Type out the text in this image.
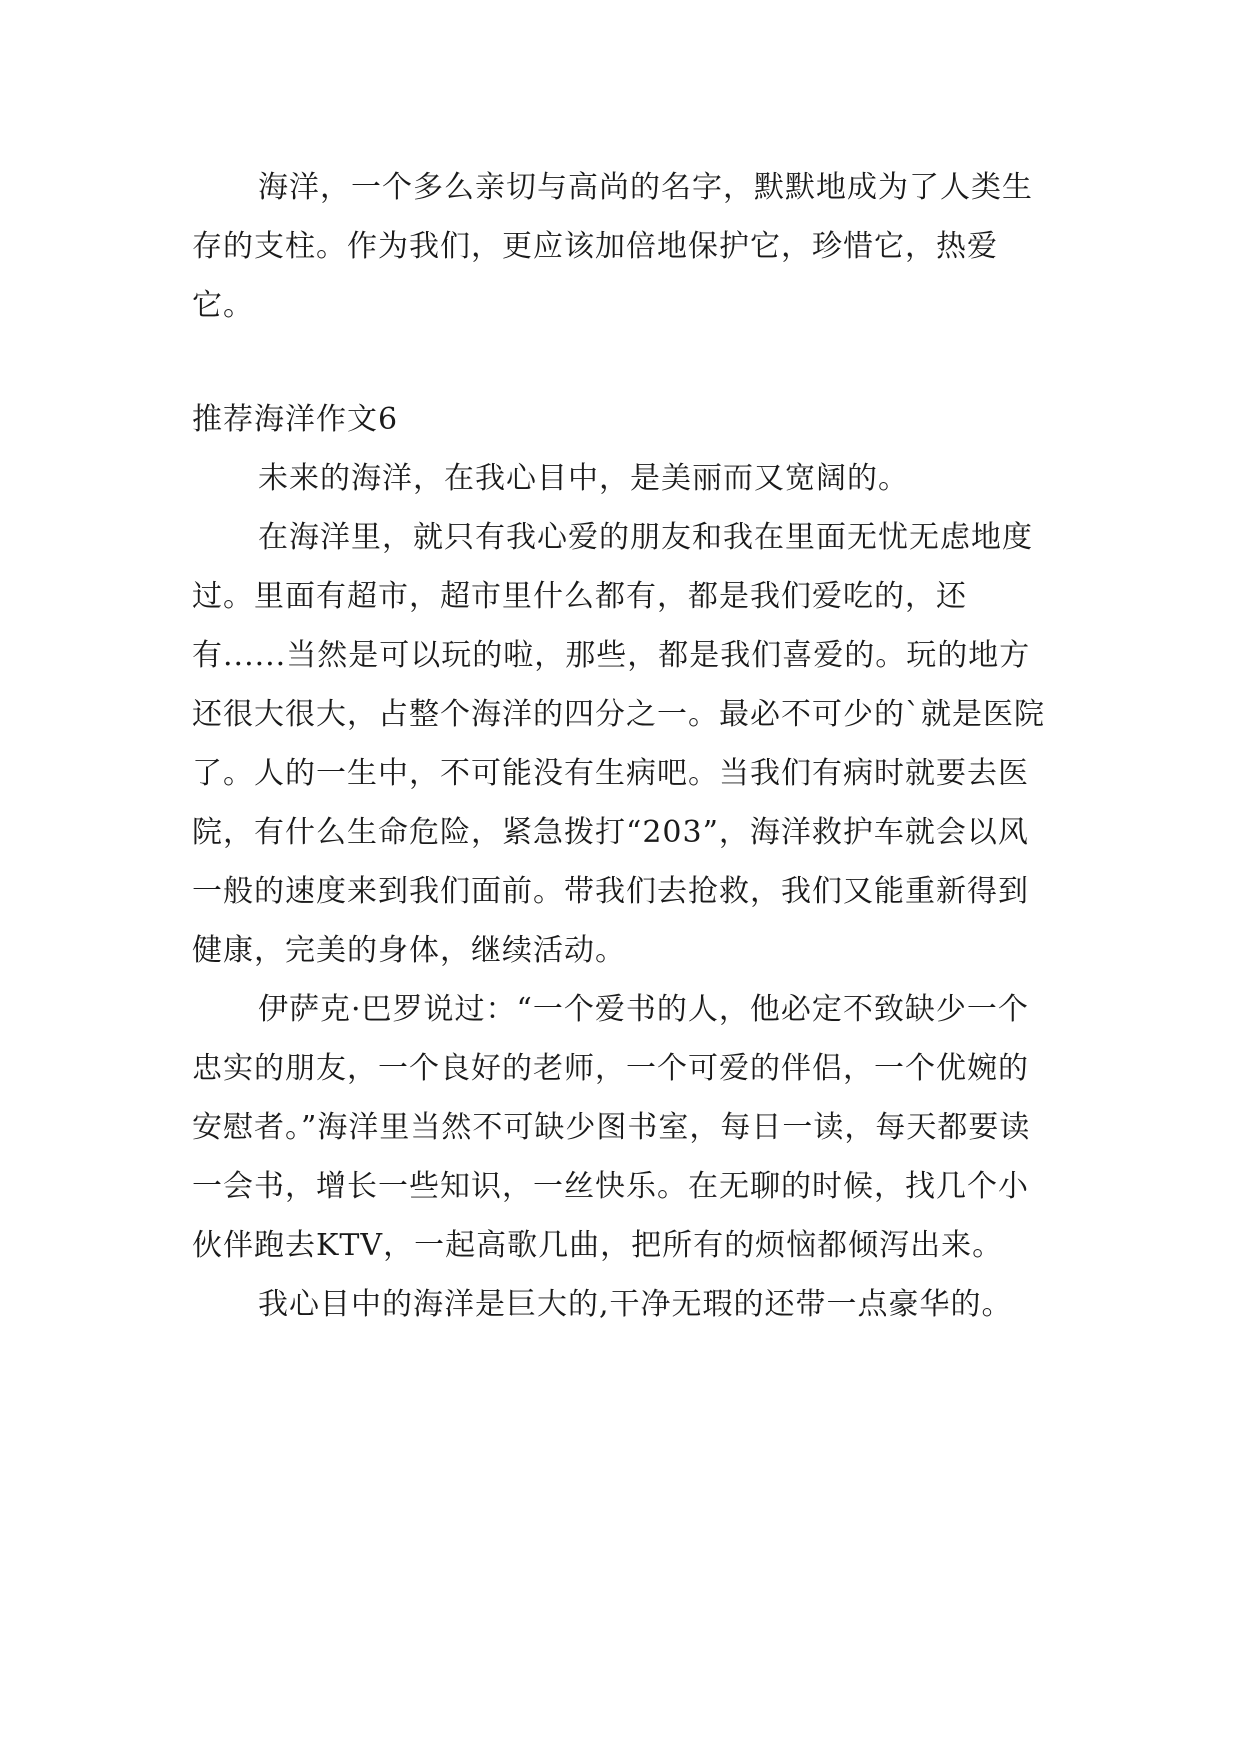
海洋，一个多么亲切与高尚的名字，默默地成为了人类生存的支柱。作为我们，更应该加倍地保护它，珍惜它，热爱它。

推荐海洋作文6

未来的海洋，在我心目中，是美丽而又宽阔的。

在海洋里，就只有我心爱的朋友和我在里面无忧无虑地度过。里面有超市，超市里什么都有，都是我们爱吃的，还有......当然是可以玩的啦，那些，都是我们喜爱的。玩的地方还很大很大，占整个海洋的四分之一。最必不可少的`就是医院了。人的一生中，不可能没有生病吧。当我们有病时就要去医院，有什么生命危险，紧急拨打“203”，海洋救护车就会以风一般的速度来到我们面前。带我们去抢救，我们又能重新得到健康，完美的身体，继续活动。

伊萨克·巴罗说过：“一个爱书的人，他必定不致缺少一个忠实的朋友，一个良好的老师，一个可爱的伴侣，一个优婉的安慰者。”海洋里当然不可缺少图书室，每日一读，每天都要读一会书，增长一些知识，一丝快乐。在无聊的时候，找几个小伙伴跑去KTV，一起高歌几曲，把所有的烦恼都倾泻出来。

我心目中的海洋是巨大的,干净无瑕的还带一点豪华的。
